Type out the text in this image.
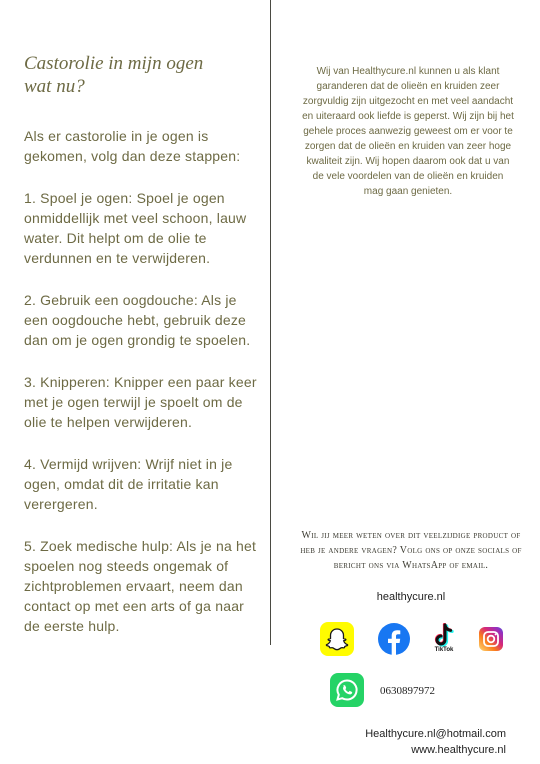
Castorolie in mijn ogen
wat nu?

Als er castorolie in je ogen is gekomen, volg dan deze stappen:

1. Spoel je ogen: Spoel je ogen onmiddellijk met veel schoon, lauw water. Dit helpt om de olie te verdunnen en te verwijderen.

2. Gebruik een oogdouche: Als je een oogdouche hebt, gebruik deze dan om je ogen grondig te spoelen.

3. Knipperen: Knipper een paar keer met je ogen terwijl je spoelt om de olie te helpen verwijderen.

4. Vermijd wrijven: Wrijf niet in je ogen, omdat dit de irritatie kan verergeren.

5. Zoek medische hulp: Als je na het spoelen nog steeds ongemak of zichtproblemen ervaart, neem dan contact op met een arts of ga naar de eerste hulp.

Wij van Healthycure.nl kunnen u als klant garanderen dat de olieën en kruiden zeer zorgvuldig zijn uitgezocht en met veel aandacht en uiteraard ook liefde is geperst. Wij zijn bij het gehele proces aanwezig geweest om er voor te zorgen dat de olieën en kruiden van zeer hoge kwaliteit zijn. Wij hopen daarom ook dat u van de vele voordelen van de olieën en kruiden mag gaan genieten.
Wil jij meer weten over dit veelzijdige product of heb je andere vragen? Volg ons op onze socials of bericht ons via WhatsApp of email.
healthycure.nl
TikTok
0630897972
Healthycure.nl@hotmail.com
www.healthycure.nl
